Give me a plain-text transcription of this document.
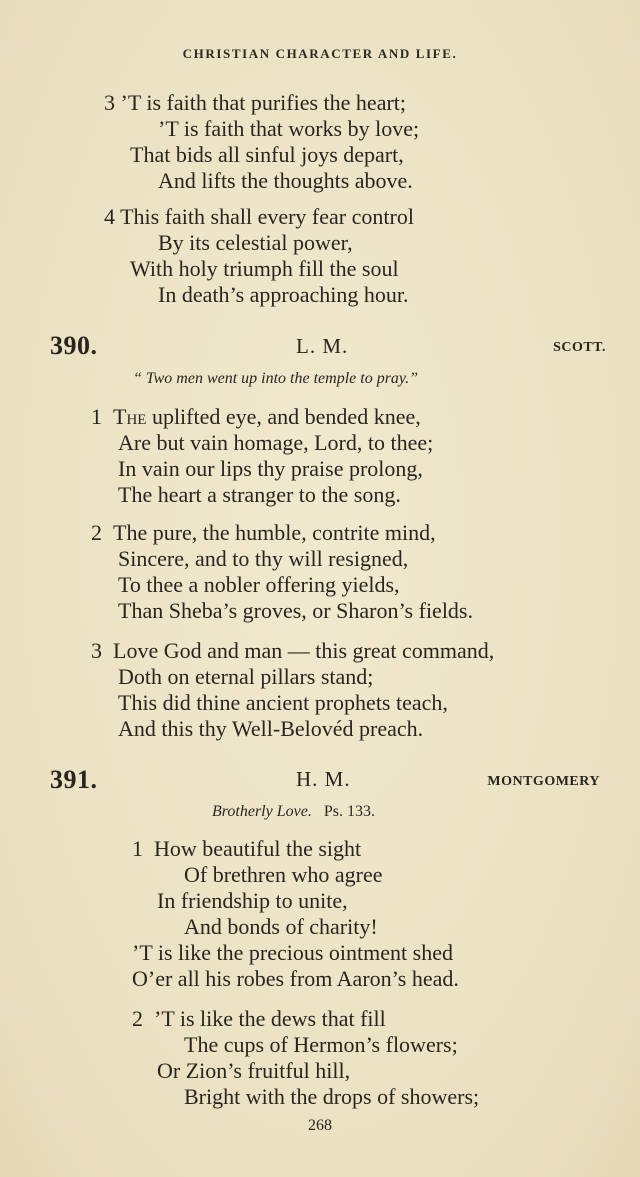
CHRISTIAN CHARACTER AND LIFE.
3 ’T is faith that purifies the heart;
’T is faith that works by love;
That bids all sinful joys depart,
And lifts the thoughts above.
4 This faith shall every fear control
By its celestial power,
With holy triumph fill the soul
In death’s approaching hour.
390.	L. M.	SCOTT.
“ Two men went up into the temple to pray.”
1 The uplifted eye, and bended knee,
Are but vain homage, Lord, to thee;
In vain our lips thy praise prolong,
The heart a stranger to the song.
2 The pure, the humble, contrite mind,
Sincere, and to thy will resigned,
To thee a nobler offering yields,
Than Sheba’s groves, or Sharon’s fields.
3 Love God and man — this great command,
Doth on eternal pillars stand;
This did thine ancient prophets teach,
And this thy Well-Belovéd preach.
391.	H. M.	MONTGOMERY
Brotherly Love. Ps. 133.
1 How beautiful the sight
Of brethren who agree
In friendship to unite,
And bonds of charity!
’T is like the precious ointment shed
O’er all his robes from Aaron’s head.
2 ’T is like the dews that fill
The cups of Hermon’s flowers;
Or Zion’s fruitful hill,
Bright with the drops of showers;
268
